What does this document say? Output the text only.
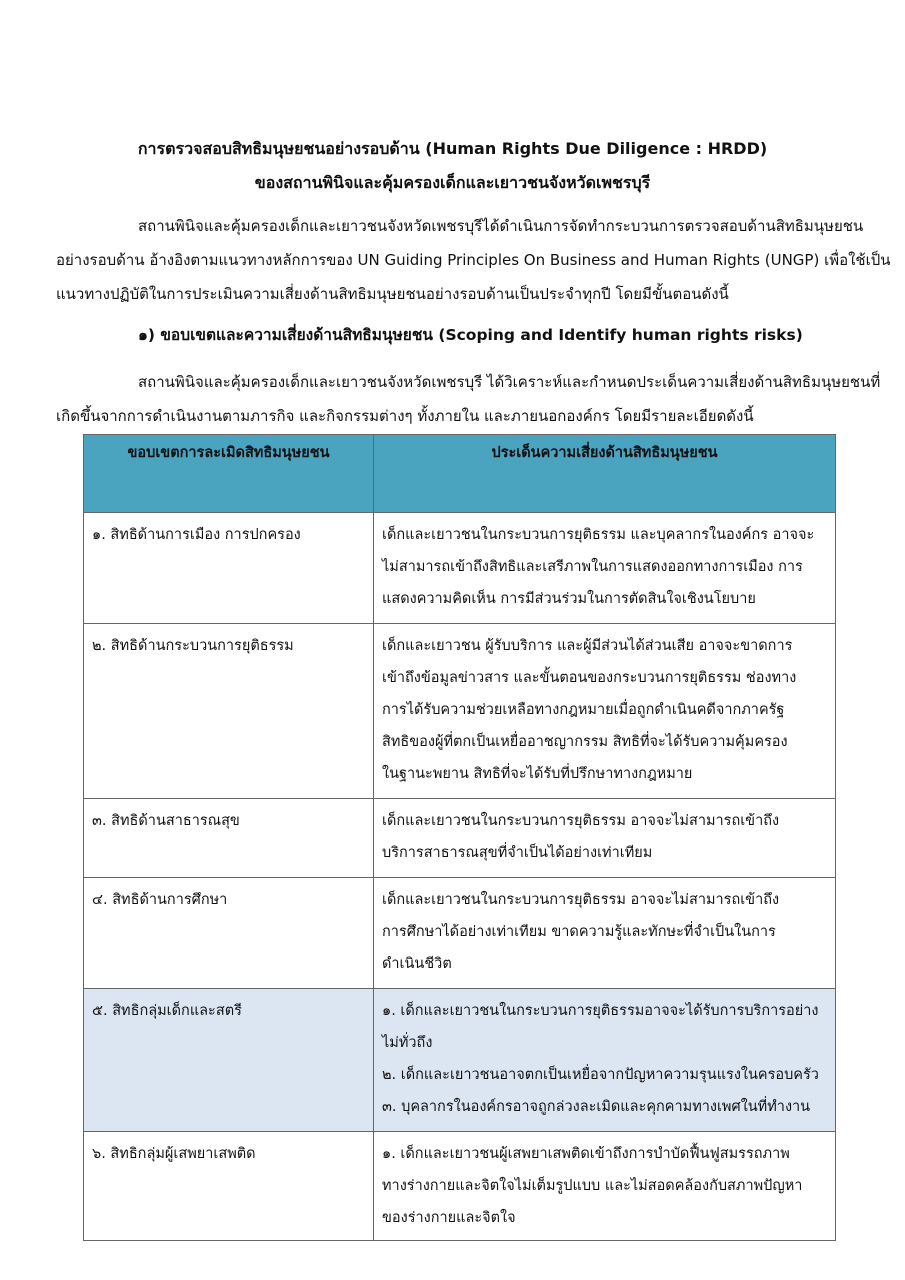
การตรวจสอบสิทธิมนุษยชนอย่างรอบด้าน (Human Rights Due Diligence : HRDD)
ของสถานพินิจและคุ้มครองเด็กและเยาวชนจังหวัดเพชรบุรี

สถานพินิจและคุ้มครองเด็กและเยาวชนจังหวัดเพชรบุรีได้ดำเนินการจัดทำกระบวนการตรวจสอบด้านสิทธิมนุษยชน
อย่างรอบด้าน อ้างอิงตามแนวทางหลักการของ UN Guiding Principles On Business and Human Rights (UNGP) เพื่อใช้เป็น
แนวทางปฏิบัติในการประเมินความเสี่ยงด้านสิทธิมนุษยชนอย่างรอบด้านเป็นประจำทุกปี โดยมีขั้นตอนดังนี้

๑) ขอบเขตและความเสี่ยงด้านสิทธิมนุษยชน (Scoping and Identify human rights risks)

สถานพินิจและคุ้มครองเด็กและเยาวชนจังหวัดเพชรบุรี ได้วิเคราะห์และกำหนดประเด็นความเสี่ยงด้านสิทธิมนุษยชนที่
เกิดขึ้นจากการดำเนินงานตามภารกิจ และกิจกรรมต่างๆ ทั้งภายใน และภายนอกองค์กร โดยมีรายละเอียดดังนี้

ขอบเขตการละเมิดสิทธิมนุษยชน	ประเด็นความเสี่ยงด้านสิทธิมนุษยชน
๑. สิทธิด้านการเมือง การปกครอง	เด็กและเยาวชนในกระบวนการยุติธรรม และบุคลากรในองค์กร อาจจะ
ไม่สามารถเข้าถึงสิทธิและเสรีภาพในการแสดงออกทางการเมือง การ
แสดงความคิดเห็น การมีส่วนร่วมในการตัดสินใจเชิงนโยบาย

๒. สิทธิด้านกระบวนการยุติธรรม	เด็กและเยาวชน ผู้รับบริการ และผู้มีส่วนได้ส่วนเสีย อาจจะขาดการ
เข้าถึงข้อมูลข่าวสาร และขั้นตอนของกระบวนการยุติธรรม ช่องทาง
การได้รับความช่วยเหลือทางกฎหมายเมื่อถูกดำเนินคดีจากภาครัฐ
สิทธิของผู้ที่ตกเป็นเหยื่ออาชญากรรม สิทธิที่จะได้รับความคุ้มครอง
ในฐานะพยาน สิทธิที่จะได้รับที่ปรึกษาทางกฎหมาย

๓. สิทธิด้านสาธารณสุข	เด็กและเยาวชนในกระบวนการยุติธรรม อาจจะไม่สามารถเข้าถึง
บริการสาธารณสุขที่จำเป็นได้อย่างเท่าเทียม

๔. สิทธิด้านการศึกษา	เด็กและเยาวชนในกระบวนการยุติธรรม อาจจะไม่สามารถเข้าถึง
การศึกษาได้อย่างเท่าเทียม ขาดความรู้และทักษะที่จำเป็นในการ
ดำเนินชีวิต

๕. สิทธิกลุ่มเด็กและสตรี	๑. เด็กและเยาวชนในกระบวนการยุติธรรมอาจจะได้รับการบริการอย่าง
ไม่ทั่วถึง
๒. เด็กและเยาวชนอาจตกเป็นเหยื่อจากปัญหาความรุนแรงในครอบครัว
๓. บุคลากรในองค์กรอาจถูกล่วงละเมิดและคุกคามทางเพศในที่ทำงาน

๖. สิทธิกลุ่มผู้เสพยาเสพติด	๑. เด็กและเยาวชนผู้เสพยาเสพติดเข้าถึงการบำบัดฟื้นฟูสมรรถภาพ
ทางร่างกายและจิตใจไม่เต็มรูปแบบ และไม่สอดคล้องกับสภาพปัญหา
ของร่างกายและจิตใจ
